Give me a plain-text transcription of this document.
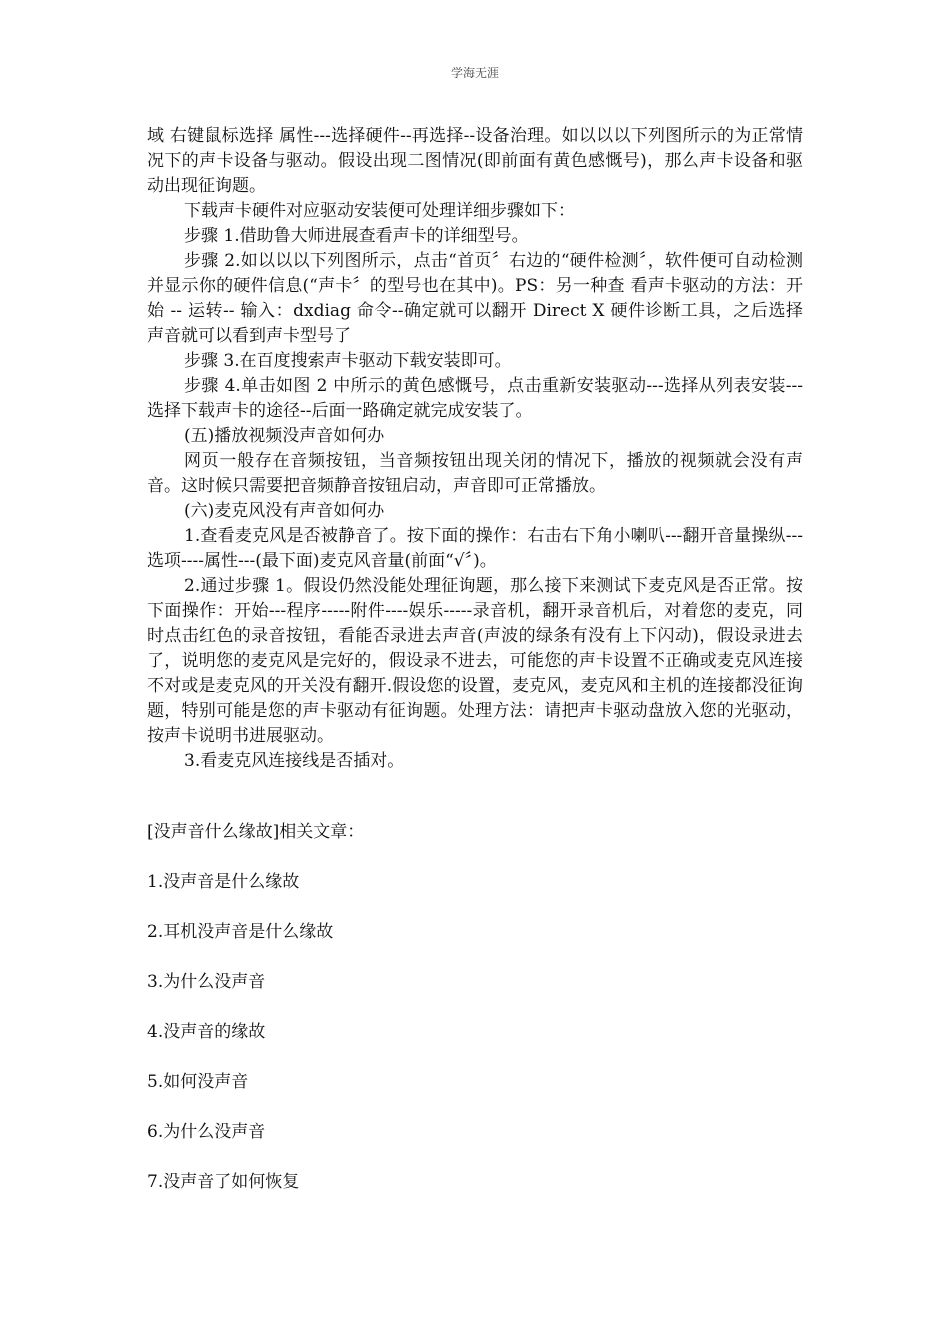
学海无涯

域 右键鼠标选择 属性---选择硬件--再选择--设备治理。如以以以下列图所示的为正常情况下的声卡设备与驱动。假设出现二图情况(即前面有黄色感慨号)，那么声卡设备和驱动出现征询题。

下载声卡硬件对应驱动安装便可处理详细步骤如下：

步骤 1.借助鲁大师进展查看声卡的详细型号。

步骤 2.如以以以下列图所示，点击“首页〞右边的“硬件检测〞，软件便可自动检测并显示你的硬件信息(“声卡〞的型号也在其中)。PS：另一种查 看声卡驱动的方法：开始 -- 运转-- 输入：dxdiag 命令--确定就可以翻开 Direct X 硬件诊断工具，之后选择 声音就可以看到声卡型号了

步骤 3.在百度搜索声卡驱动下载安装即可。

步骤 4.单击如图 2 中所示的黄色感慨号，点击重新安装驱动---选择从列表安装---选择下载声卡的途径--后面一路确定就完成安装了。

(五)播放视频没声音如何办

网页一般存在音频按钮，当音频按钮出现关闭的情况下，播放的视频就会没有声音。这时候只需要把音频静音按钮启动，声音即可正常播放。

(六)麦克风没有声音如何办

1.查看麦克风是否被静音了。按下面的操作：右击右下角小喇叭---翻开音量操纵---选项----属性---(最下面)麦克风音量(前面“√〞)。

2.通过步骤 1。假设仍然没能处理征询题，那么接下来测试下麦克风是否正常。按下面操作：开始---程序-----附件----娱乐-----录音机，翻开录音机后，对着您的麦克，同时点击红色的录音按钮，看能否录进去声音(声波的绿条有没有上下闪动)，假设录进去了，说明您的麦克风是完好的，假设录不进去，可能您的声卡设置不正确或麦克风连接不对或是麦克风的开关没有翻开.假设您的设置，麦克风，麦克风和主机的连接都没征询题，特别可能是您的声卡驱动有征询题。处理方法：请把声卡驱动盘放入您的光驱动，按声卡说明书进展驱动。

3.看麦克风连接线是否插对。

[没声音什么缘故]相关文章：

1.没声音是什么缘故

2.耳机没声音是什么缘故

3.为什么没声音

4.没声音的缘故

5.如何没声音

6.为什么没声音

7.没声音了如何恢复
